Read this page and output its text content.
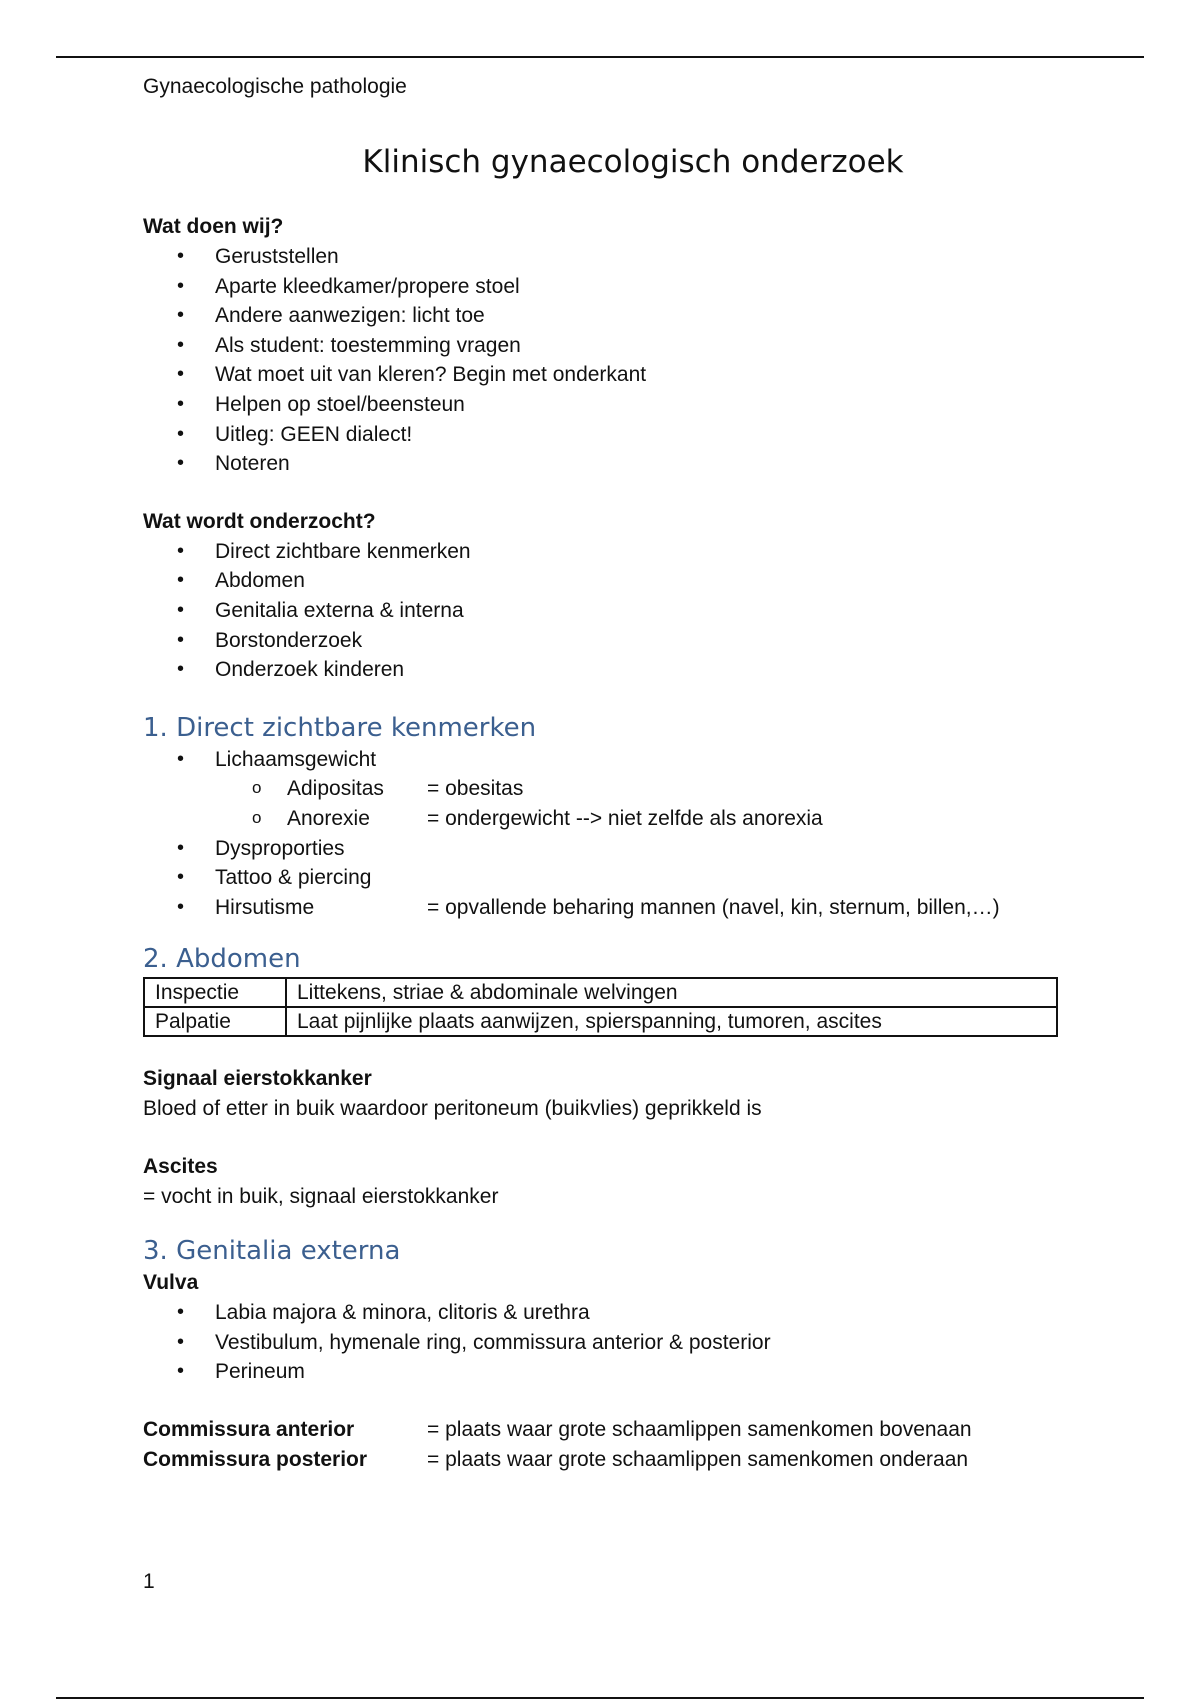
Gynaecologische pathologie
Klinisch gynaecologisch onderzoek
Wat doen wij?
• Geruststellen
• Aparte kleedkamer/propere stoel
• Andere aanwezigen: licht toe
• Als student: toestemming vragen
• Wat moet uit van kleren? Begin met onderkant
• Helpen op stoel/beensteun
• Uitleg: GEEN dialect!
• Noteren
Wat wordt onderzocht?
• Direct zichtbare kenmerken
• Abdomen
• Genitalia externa & interna
• Borstonderzoek
• Onderzoek kinderen
1. Direct zichtbare kenmerken
• Lichaamsgewicht
o Adipositas = obesitas
o Anorexie	= ondergewicht --> niet zelfde als anorexia
• Dysproporties
• Tattoo & piercing
• Hirsutisme	= opvallende beharing mannen (navel, kin, sternum, billen,…)
2. Abdomen
Inspectie	Littekens, striae & abdominale welvingen
Palpatie	Laat pijnlijke plaats aanwijzen, spierspanning, tumoren, ascites
Signaal eierstokkanker
Bloed of etter in buik waardoor peritoneum (buikvlies) geprikkeld is
Ascites
= vocht in buik, signaal eierstokkanker
3. Genitalia externa
Vulva
• Labia majora & minora, clitoris & urethra
• Vestibulum, hymenale ring, commissura anterior & posterior
• Perineum
Commissura anterior	= plaats waar grote schaamlippen samenkomen bovenaan
Commissura posterior	= plaats waar grote schaamlippen samenkomen onderaan
1
